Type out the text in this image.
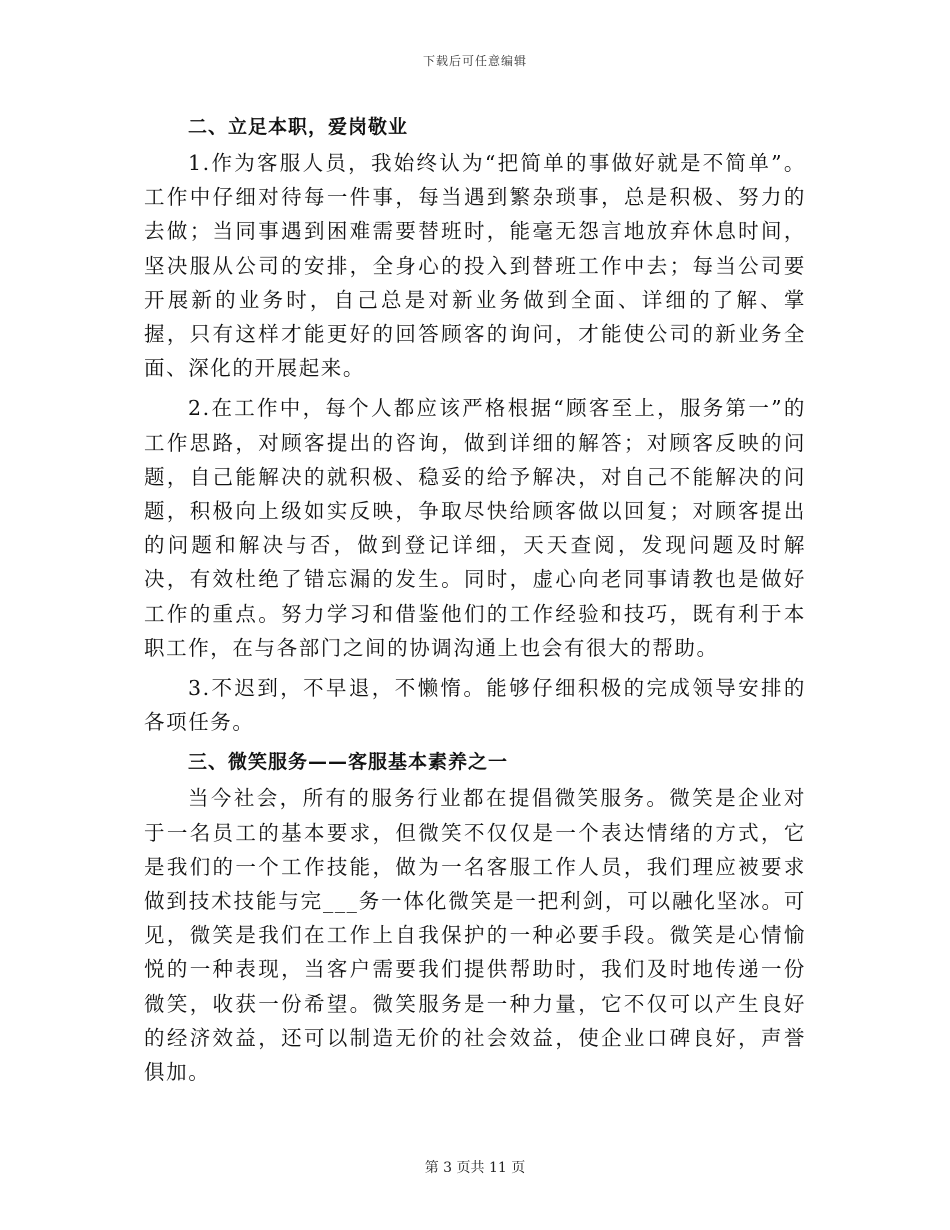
下载后可任意编辑
二、立足本职，爱岗敬业

1.作为客服人员，我始终认为“把简单的事做好就是不简单”。工作中仔细对待每一件事，每当遇到繁杂琐事，总是积极、努力的去做；当同事遇到困难需要替班时，能毫无怨言地放弃休息时间，坚决服从公司的安排，全身心的投入到替班工作中去；每当公司要开展新的业务时，自己总是对新业务做到全面、详细的了解、掌握，只有这样才能更好的回答顾客的询问，才能使公司的新业务全面、深化的开展起来。

2.在工作中，每个人都应该严格根据“顾客至上，服务第一”的工作思路，对顾客提出的咨询，做到详细的解答；对顾客反映的问题，自己能解决的就积极、稳妥的给予解决，对自己不能解决的问题，积极向上级如实反映，争取尽快给顾客做以回复；对顾客提出的问题和解决与否，做到登记详细，天天查阅，发现问题及时解决，有效杜绝了错忘漏的发生。同时，虚心向老同事请教也是做好工作的重点。努力学习和借鉴他们的工作经验和技巧，既有利于本职工作，在与各部门之间的协调沟通上也会有很大的帮助。

3.不迟到，不早退，不懒惰。能够仔细积极的完成领导安排的各项任务。

三、微笑服务——客服基本素养之一

当今社会，所有的服务行业都在提倡微笑服务。微笑是企业对于一名员工的基本要求，但微笑不仅仅是一个表达情绪的方式，它是我们的一个工作技能，做为一名客服工作人员，我们理应被要求做到技术技能与完___务一体化微笑是一把利剑，可以融化坚冰。可见，微笑是我们在工作上自我保护的一种必要手段。微笑是心情愉悦的一种表现，当客户需要我们提供帮助时，我们及时地传递一份微笑，收获一份希望。微笑服务是一种力量，它不仅可以产生良好的经济效益，还可以制造无价的社会效益，使企业口碑良好，声誉俱加。

第 3 页共 11 页
